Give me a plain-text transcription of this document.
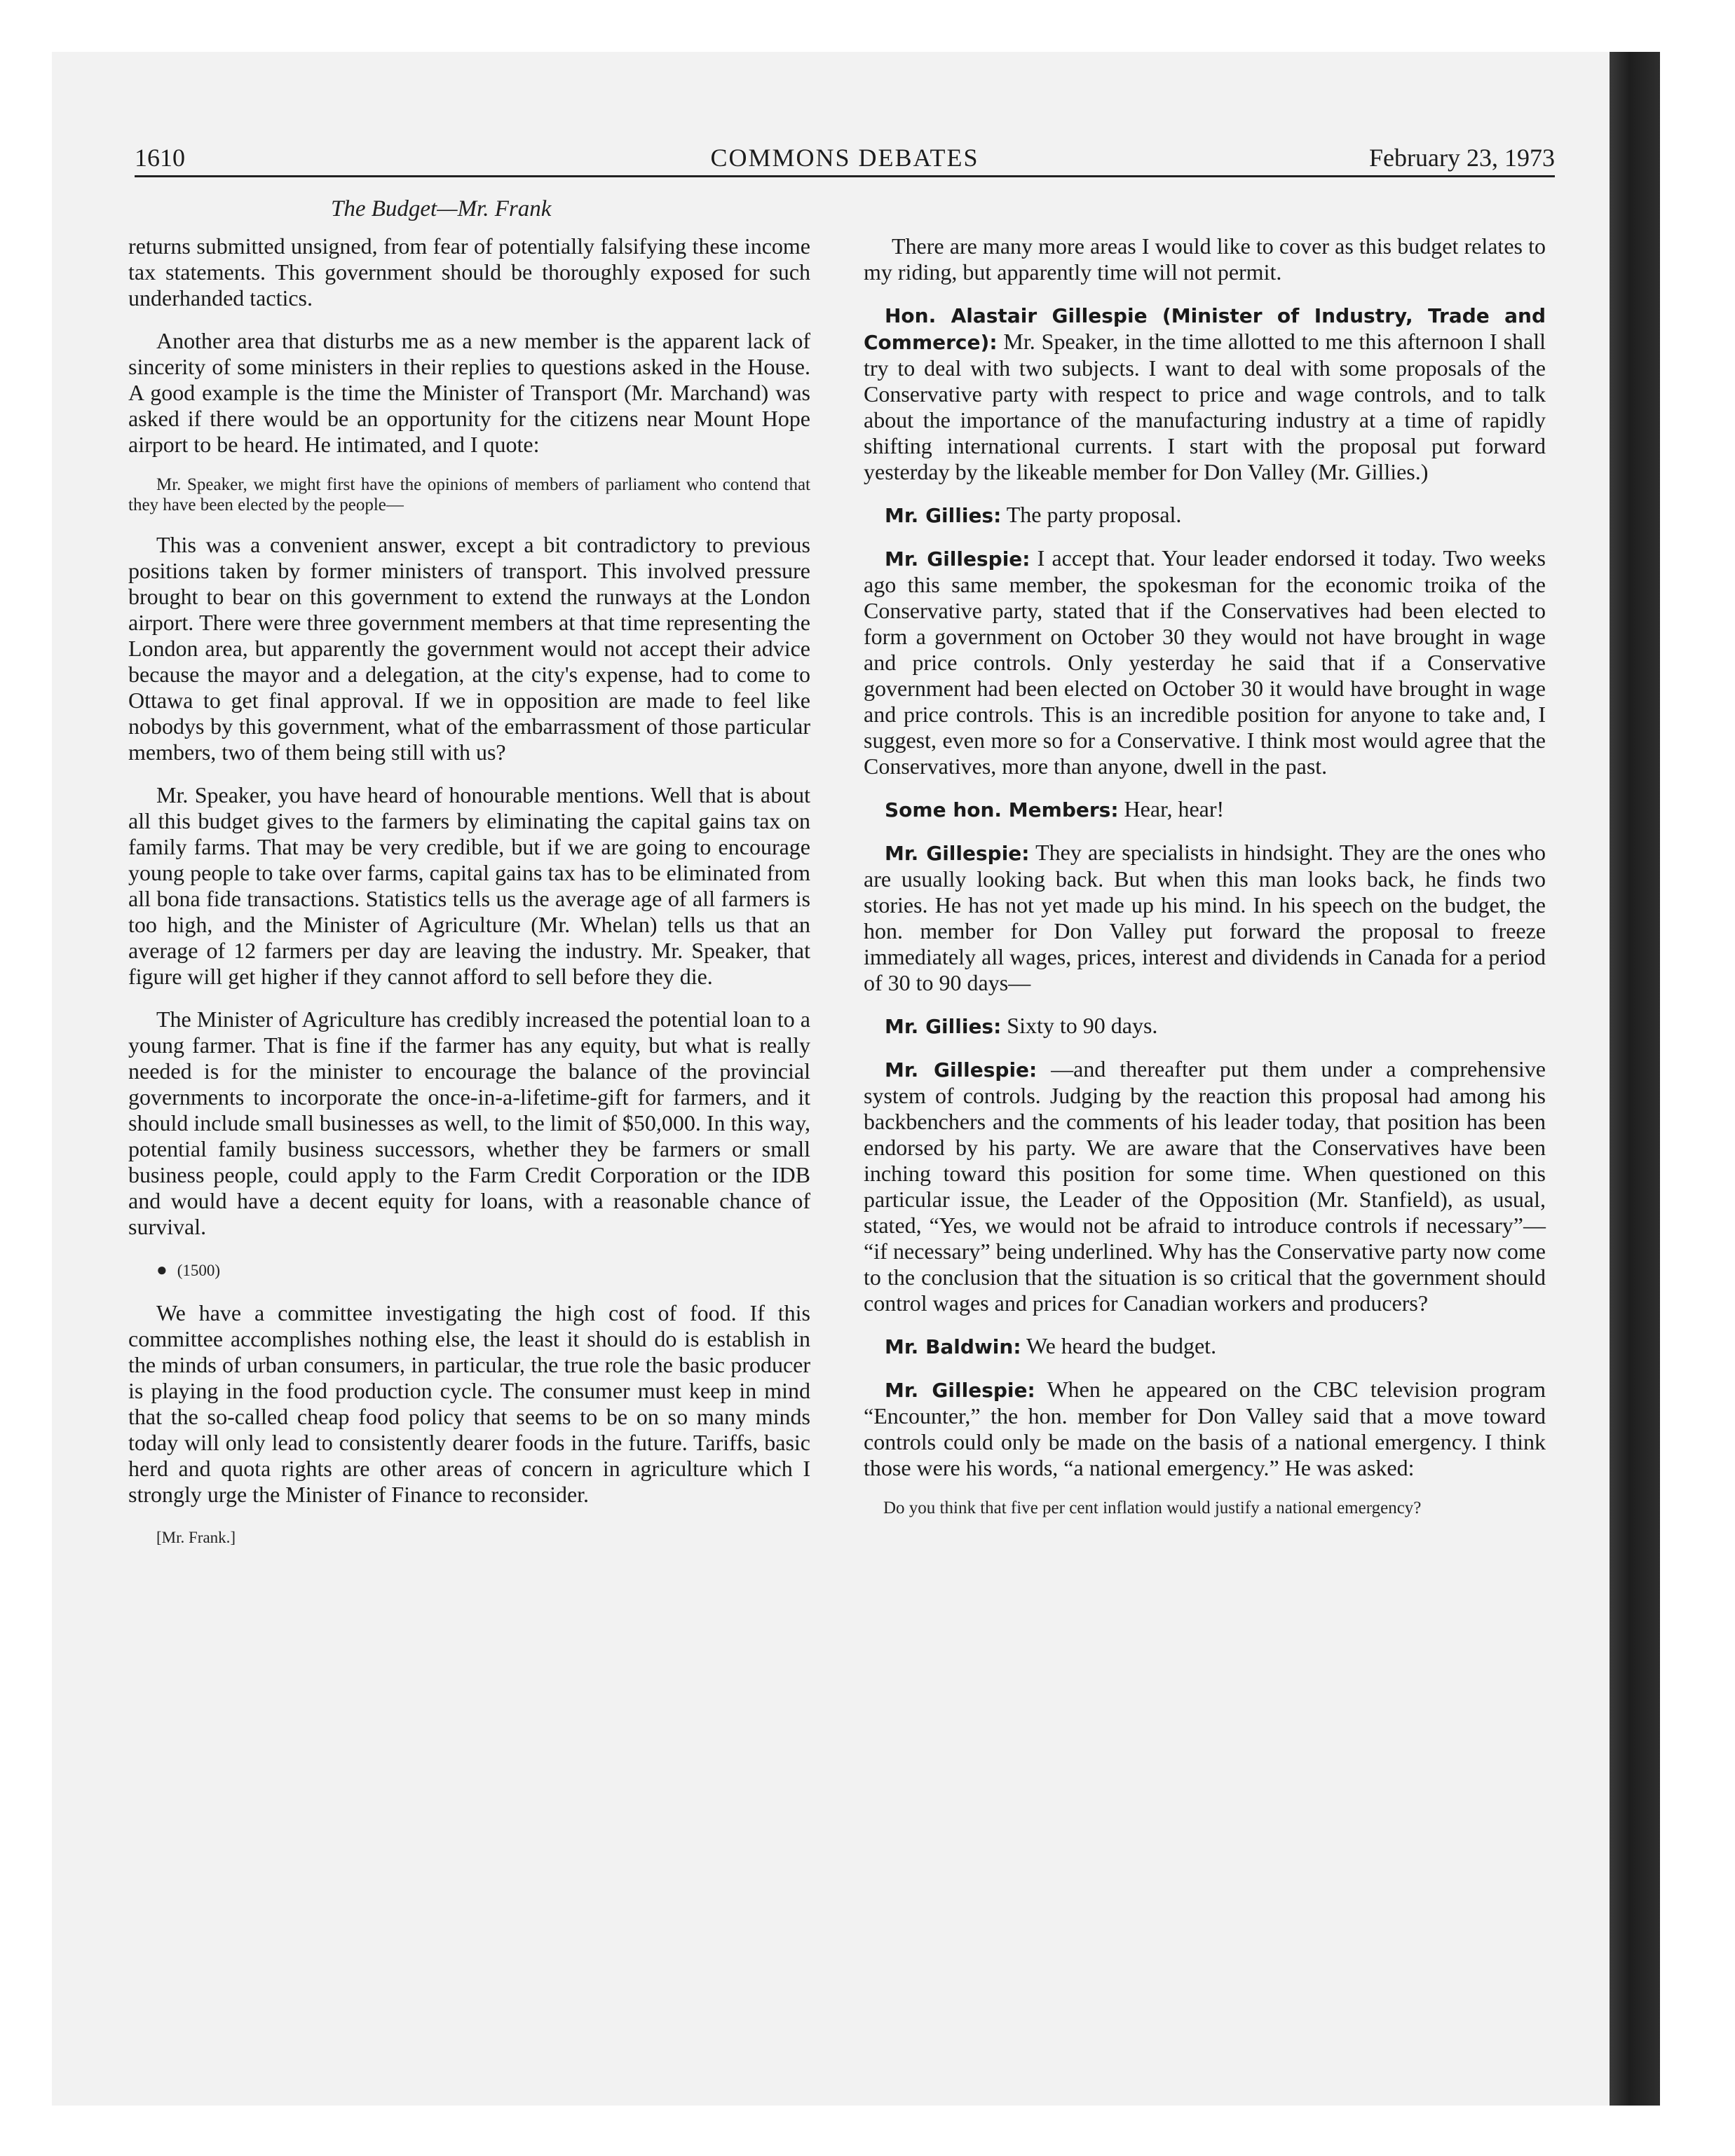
1610	COMMONS DEBATES	February 23, 1973
The Budget—Mr. Frank

returns submitted unsigned, from fear of potentially falsifying these income tax statements. This government should be thoroughly exposed for such underhanded tactics.

Another area that disturbs me as a new member is the apparent lack of sincerity of some ministers in their replies to questions asked in the House. A good example is the time the Minister of Transport (Mr. Marchand) was asked if there would be an opportunity for the citizens near Mount Hope airport to be heard. He intimated, and I quote:

Mr. Speaker, we might first have the opinions of members of parliament who contend that they have been elected by the people—

This was a convenient answer, except a bit contradictory to previous positions taken by former ministers of transport. This involved pressure brought to bear on this government to extend the runways at the London airport. There were three government members at that time representing the London area, but apparently the government would not accept their advice because the mayor and a delegation, at the city's expense, had to come to Ottawa to get final approval. If we in opposition are made to feel like nobodys by this government, what of the embarrassment of those particular members, two of them being still with us?

Mr. Speaker, you have heard of honourable mentions. Well that is about all this budget gives to the farmers by eliminating the capital gains tax on family farms. That may be very credible, but if we are going to encourage young people to take over farms, capital gains tax has to be eliminated from all bona fide transactions. Statistics tells us the average age of all farmers is too high, and the Minister of Agriculture (Mr. Whelan) tells us that an average of 12 farmers per day are leaving the industry. Mr. Speaker, that figure will get higher if they cannot afford to sell before they die.

The Minister of Agriculture has credibly increased the potential loan to a young farmer. That is fine if the farmer has any equity, but what is really needed is for the minister to encourage the balance of the provincial governments to incorporate the once-in-a-lifetime-gift for farmers, and it should include small businesses as well, to the limit of $50,000. In this way, potential family business successors, whether they be farmers or small business people, could apply to the Farm Credit Corporation or the IDB and would have a decent equity for loans, with a reasonable chance of survival.

● (1500)

We have a committee investigating the high cost of food. If this committee accomplishes nothing else, the least it should do is establish in the minds of urban consumers, in particular, the true role the basic producer is playing in the food production cycle. The consumer must keep in mind that the so-called cheap food policy that seems to be on so many minds today will only lead to consistently dearer foods in the future. Tariffs, basic herd and quota rights are other areas of concern in agriculture which I strongly urge the Minister of Finance to reconsider.

[Mr. Frank.]

There are many more areas I would like to cover as this budget relates to my riding, but apparently time will not permit.

Hon. Alastair Gillespie (Minister of Industry, Trade and Commerce): Mr. Speaker, in the time allotted to me this afternoon I shall try to deal with two subjects. I want to deal with some proposals of the Conservative party with respect to price and wage controls, and to talk about the importance of the manufacturing industry at a time of rapidly shifting international currents. I start with the proposal put forward yesterday by the likeable member for Don Valley (Mr. Gillies.)

Mr. Gillies: The party proposal.

Mr. Gillespie: I accept that. Your leader endorsed it today. Two weeks ago this same member, the spokesman for the economic troika of the Conservative party, stated that if the Conservatives had been elected to form a government on October 30 they would not have brought in wage and price controls. Only yesterday he said that if a Conservative government had been elected on October 30 it would have brought in wage and price controls. This is an incredible position for anyone to take and, I suggest, even more so for a Conservative. I think most would agree that the Conservatives, more than anyone, dwell in the past.

Some hon. Members: Hear, hear!

Mr. Gillespie: They are specialists in hindsight. They are the ones who are usually looking back. But when this man looks back, he finds two stories. He has not yet made up his mind. In his speech on the budget, the hon. member for Don Valley put forward the proposal to freeze immediately all wages, prices, interest and dividends in Canada for a period of 30 to 90 days—

Mr. Gillies: Sixty to 90 days.

Mr. Gillespie: —and thereafter put them under a comprehensive system of controls. Judging by the reaction this proposal had among his backbenchers and the comments of his leader today, that position has been endorsed by his party. We are aware that the Conservatives have been inching toward this position for some time. When questioned on this particular issue, the Leader of the Opposition (Mr. Stanfield), as usual, stated, “Yes, we would not be afraid to introduce controls if necessary”— “if necessary” being underlined. Why has the Conservative party now come to the conclusion that the situation is so critical that the government should control wages and prices for Canadian workers and producers?

Mr. Baldwin: We heard the budget.

Mr. Gillespie: When he appeared on the CBC television program “Encounter,” the hon. member for Don Valley said that a move toward controls could only be made on the basis of a national emergency. I think those were his words, “a national emergency.” He was asked:

Do you think that five per cent inflation would justify a national emergency?
